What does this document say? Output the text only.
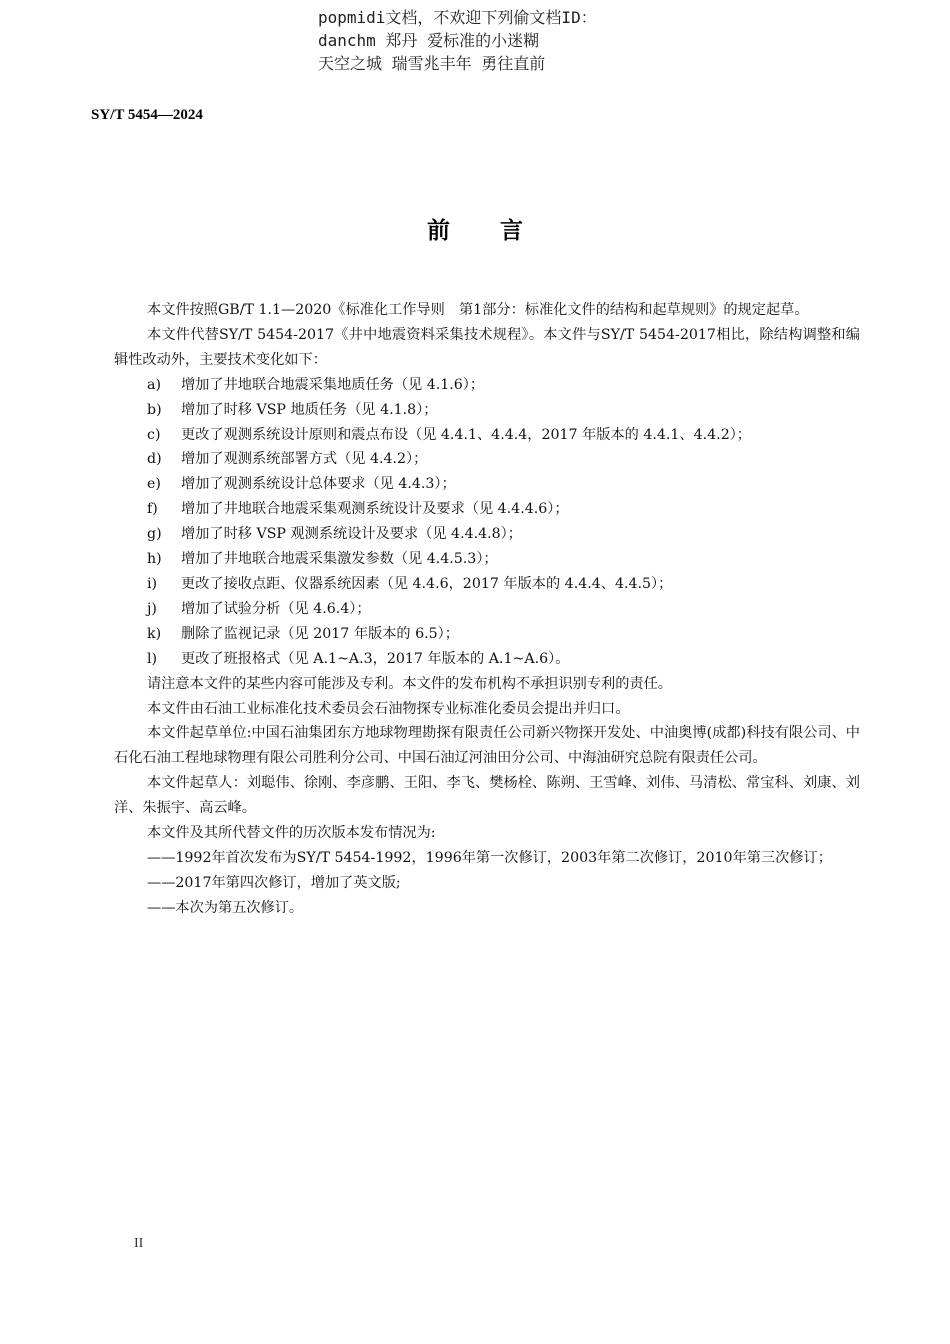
popmidi文档，不欢迎下列偷文档ID：
danchm 郑丹 爱标准的小迷糊
天空之城 瑞雪兆丰年 勇往直前
SY/T 5454—2024
前言

本文件按照GB/T 1.1—2020《标准化工作导则　第1部分：标准化文件的结构和起草规则》的规定起草。

本文件代替SY/T 5454-2017《井中地震资料采集技术规程》。本文件与SY/T 5454-2017相比，除结构调整和编辑性改动外，主要技术变化如下：

a)	增加了井地联合地震采集地质任务（见 4.1.6）；
b)	增加了时移 VSP 地质任务（见 4.1.8）；
c)	更改了观测系统设计原则和震点布设（见 4.4.1、4.4.4，2017 年版本的 4.4.1、4.4.2）；
d)	增加了观测系统部署方式（见 4.4.2）；
e)	增加了观测系统设计总体要求（见 4.4.3）；
f)	增加了井地联合地震采集观测系统设计及要求（见 4.4.4.6）；
g)	增加了时移 VSP 观测系统设计及要求（见 4.4.4.8）；
h)	增加了井地联合地震采集激发参数（见 4.4.5.3）；
i)	更改了接收点距、仪器系统因素（见 4.4.6，2017 年版本的 4.4.4、4.4.5）；
j)	增加了试验分析（见 4.6.4）；
k)	删除了监视记录（见 2017 年版本的 6.5）；
l)	更改了班报格式（见 A.1~A.3，2017 年版本的 A.1~A.6）。

请注意本文件的某些内容可能涉及专利。本文件的发布机构不承担识别专利的责任。

本文件由石油工业标准化技术委员会石油物探专业标准化委员会提出并归口。

本文件起草单位:中国石油集团东方地球物理勘探有限责任公司新兴物探开发处、中油奥博(成都)科技有限公司、中石化石油工程地球物理有限公司胜利分公司、中国石油辽河油田分公司、中海油研究总院有限责任公司。

本文件起草人：刘聪伟、徐刚、李彦鹏、王阳、李飞、樊杨栓、陈朔、王雪峰、刘伟、马清松、常宝科、刘康、刘洋、朱振宇、高云峰。

本文件及其所代替文件的历次版本发布情况为:

——1992年首次发布为SY/T 5454-1992，1996年第一次修订，2003年第二次修订，2010年第三次修订；

——2017年第四次修订，增加了英文版;

——本次为第五次修订。

II
